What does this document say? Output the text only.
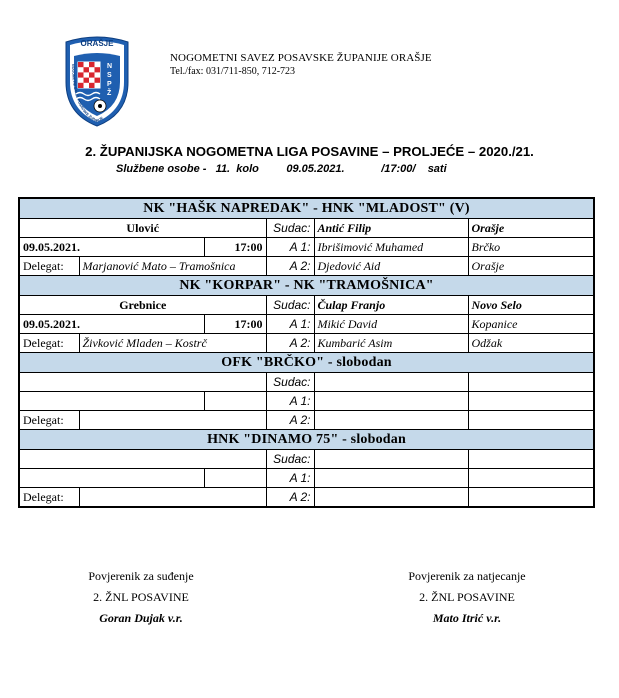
ORAŠJE
NOGOMETNI SAVEZ POSAVSKE ŽUPANIJE
N
S
P
Ž
NOGOMETNI SAVEZ POSAVSKE ŽUPANIJE ORAŠJE
Tel./fax: 031/711-850, 712-723
2. ŽUPANIJSKA NOGOMETNA LIGA POSAVINE – PROLJEĆE – 2020./21.
Službene osobe - 11. kolo	09.05.2021.	/17:00/ sati
NK "HAŠK NAPREDAK" - HNK "MLADOST" (V)					
Ulović			Sudac:	Antić Filip	Orašje
09.05.2021.		17:00	A 1:	Ibrišimović Muhamed	Brčko
Delegat:	Marjanović Mato – Tramošnica		A 2:	Djedović Aid	Orašje
NK "KORPAR" - NK "TRAMOŠNICA"					
Grebnice			Sudac:	Čulap Franjo	Novo Selo
09.05.2021.		17:00	A 1:	Mikić David	Kopanice
Delegat:	Živković Mladen – Kostrč		A 2:	Kumbarić Asim	Odžak
OFK "BRČKO" - slobodan					
			Sudac:		
			A 1:		
Delegat:			A 2:		
HNK "DINAMO 75" - slobodan					
			Sudac:		
			A 1:		
Delegat:			A 2:		
Povjerenik za suđenje
2. ŽNL POSAVINE
Goran Dujak v.r.
Povjerenik za natjecanje
2. ŽNL POSAVINE
Mato Itrić v.r.
